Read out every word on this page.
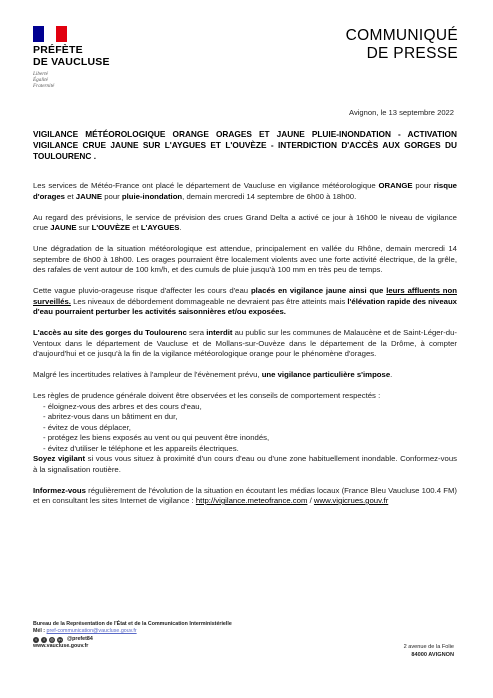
PRÉFÈTE
DE VAUCLUSE
Liberté
Égalité
Fraternité
COMMUNIQUÉ
DE PRESSE
Avignon, le 13 septembre 2022
VIGILANCE MÉTÉOROLOGIQUE ORANGE ORAGES ET JAUNE PLUIE-INONDATION - ACTIVATION VIGILANCE CRUE JAUNE SUR L'AYGUES ET L'OUVÈZE - INTERDICTION D'ACCÈS AUX GORGES DU TOULOURENC .

Les services de Météo-France ont placé le département de Vaucluse en vigilance météorologique ORANGE pour risque d'orages et JAUNE pour pluie-inondation, demain mercredi 14 septembre de 6h00 à 18h00.

Au regard des prévisions, le service de prévision des crues Grand Delta a activé ce jour à 16h00 le niveau de vigilance crue JAUNE sur L'OUVÈZE et L'AYGUES.

Une dégradation de la situation météorologique est attendue, principalement en vallée du Rhône, demain mercredi 14 septembre de 6h00 à 18h00. Les orages pourraient être localement violents avec une forte activité électrique, de la grêle, des rafales de vent autour de 100 km/h, et des cumuls de pluie jusqu'à 100 mm en très peu de temps.

Cette vague pluvio-orageuse risque d'affecter les cours d'eau placés en vigilance jaune ainsi que leurs affluents non surveillés. Les niveaux de débordement dommageable ne devraient pas être atteints mais l'élévation rapide des niveaux d'eau pourraient perturber les activités saisonnières et/ou exposées.

L'accès au site des gorges du Toulourenc sera interdit au public sur les communes de Malaucène et de Saint-Léger-du-Ventoux dans le département de Vaucluse et de Mollans-sur-Ouvèze dans le département de la Drôme, à compter d'aujourd'hui et ce jusqu'à la fin de la vigilance météorologique orange pour le phénomène d'orages.

Malgré les incertitudes relatives à l'ampleur de l'évènement prévu, une vigilance particulière s'impose.

Les règles de prudence générale doivent être observées et les conseils de comportement respectés :

- éloignez-vous des arbres et des cours d'eau,
- abritez-vous dans un bâtiment en dur,
- évitez de vous déplacer,
- protégez les biens exposés au vent ou qui peuvent être inondés,
- évitez d'utiliser le téléphone et les appareils électriques.

Soyez vigilant si vous vous situez à proximité d'un cours d'eau ou d'une zone habituellement inondable. Conformez-vous à la signalisation routière.

Informez-vous régulièrement de l'évolution de la situation en écoutant les médias locaux (France Bleu Vaucluse 100.4 FM) et en consultant les sites Internet de vigilance : http://vigilance.meteofrance.com / www.vigicrues.gouv.fr

Bureau de la Représentation de l'État et de la Communication Interministérielle
Mél : pref-communication@vaucluse.gouv.fr
t	f	◎	in @prefet84
www.vaucluse.gouv.fr	2 avenue de la Folie
84000 AVIGNON
